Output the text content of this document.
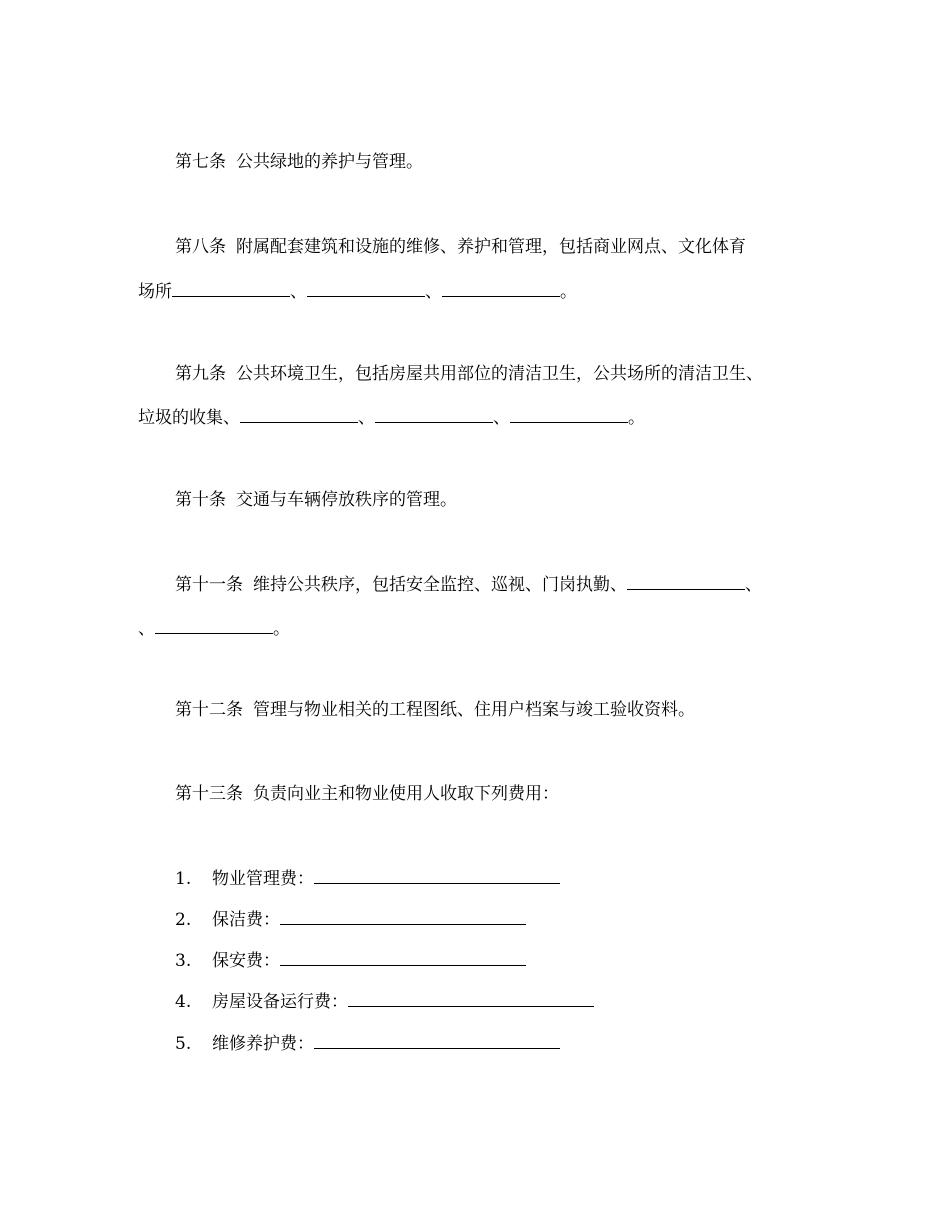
第七条 公共绿地的养护与管理。
第八条 附属配套建筑和设施的维修、养护和管理，包括商业网点、文化体育
场所	、	、	。
第九条 公共环境卫生，包括房屋共用部位的清洁卫生，公共场所的清洁卫生、
垃圾的收集、	、	、	。
第十条 交通与车辆停放秩序的管理。
第十一条 维持公共秩序，包括安全监控、巡视、门岗执勤、	、
、	。
第十二条 管理与物业相关的工程图纸、住用户档案与竣工验收资料。
第十三条 负责向业主和物业使用人收取下列费用：
1. 物业管理费：
2. 保洁费：
3. 保安费：
4. 房屋设备运行费：
5. 维修养护费：
